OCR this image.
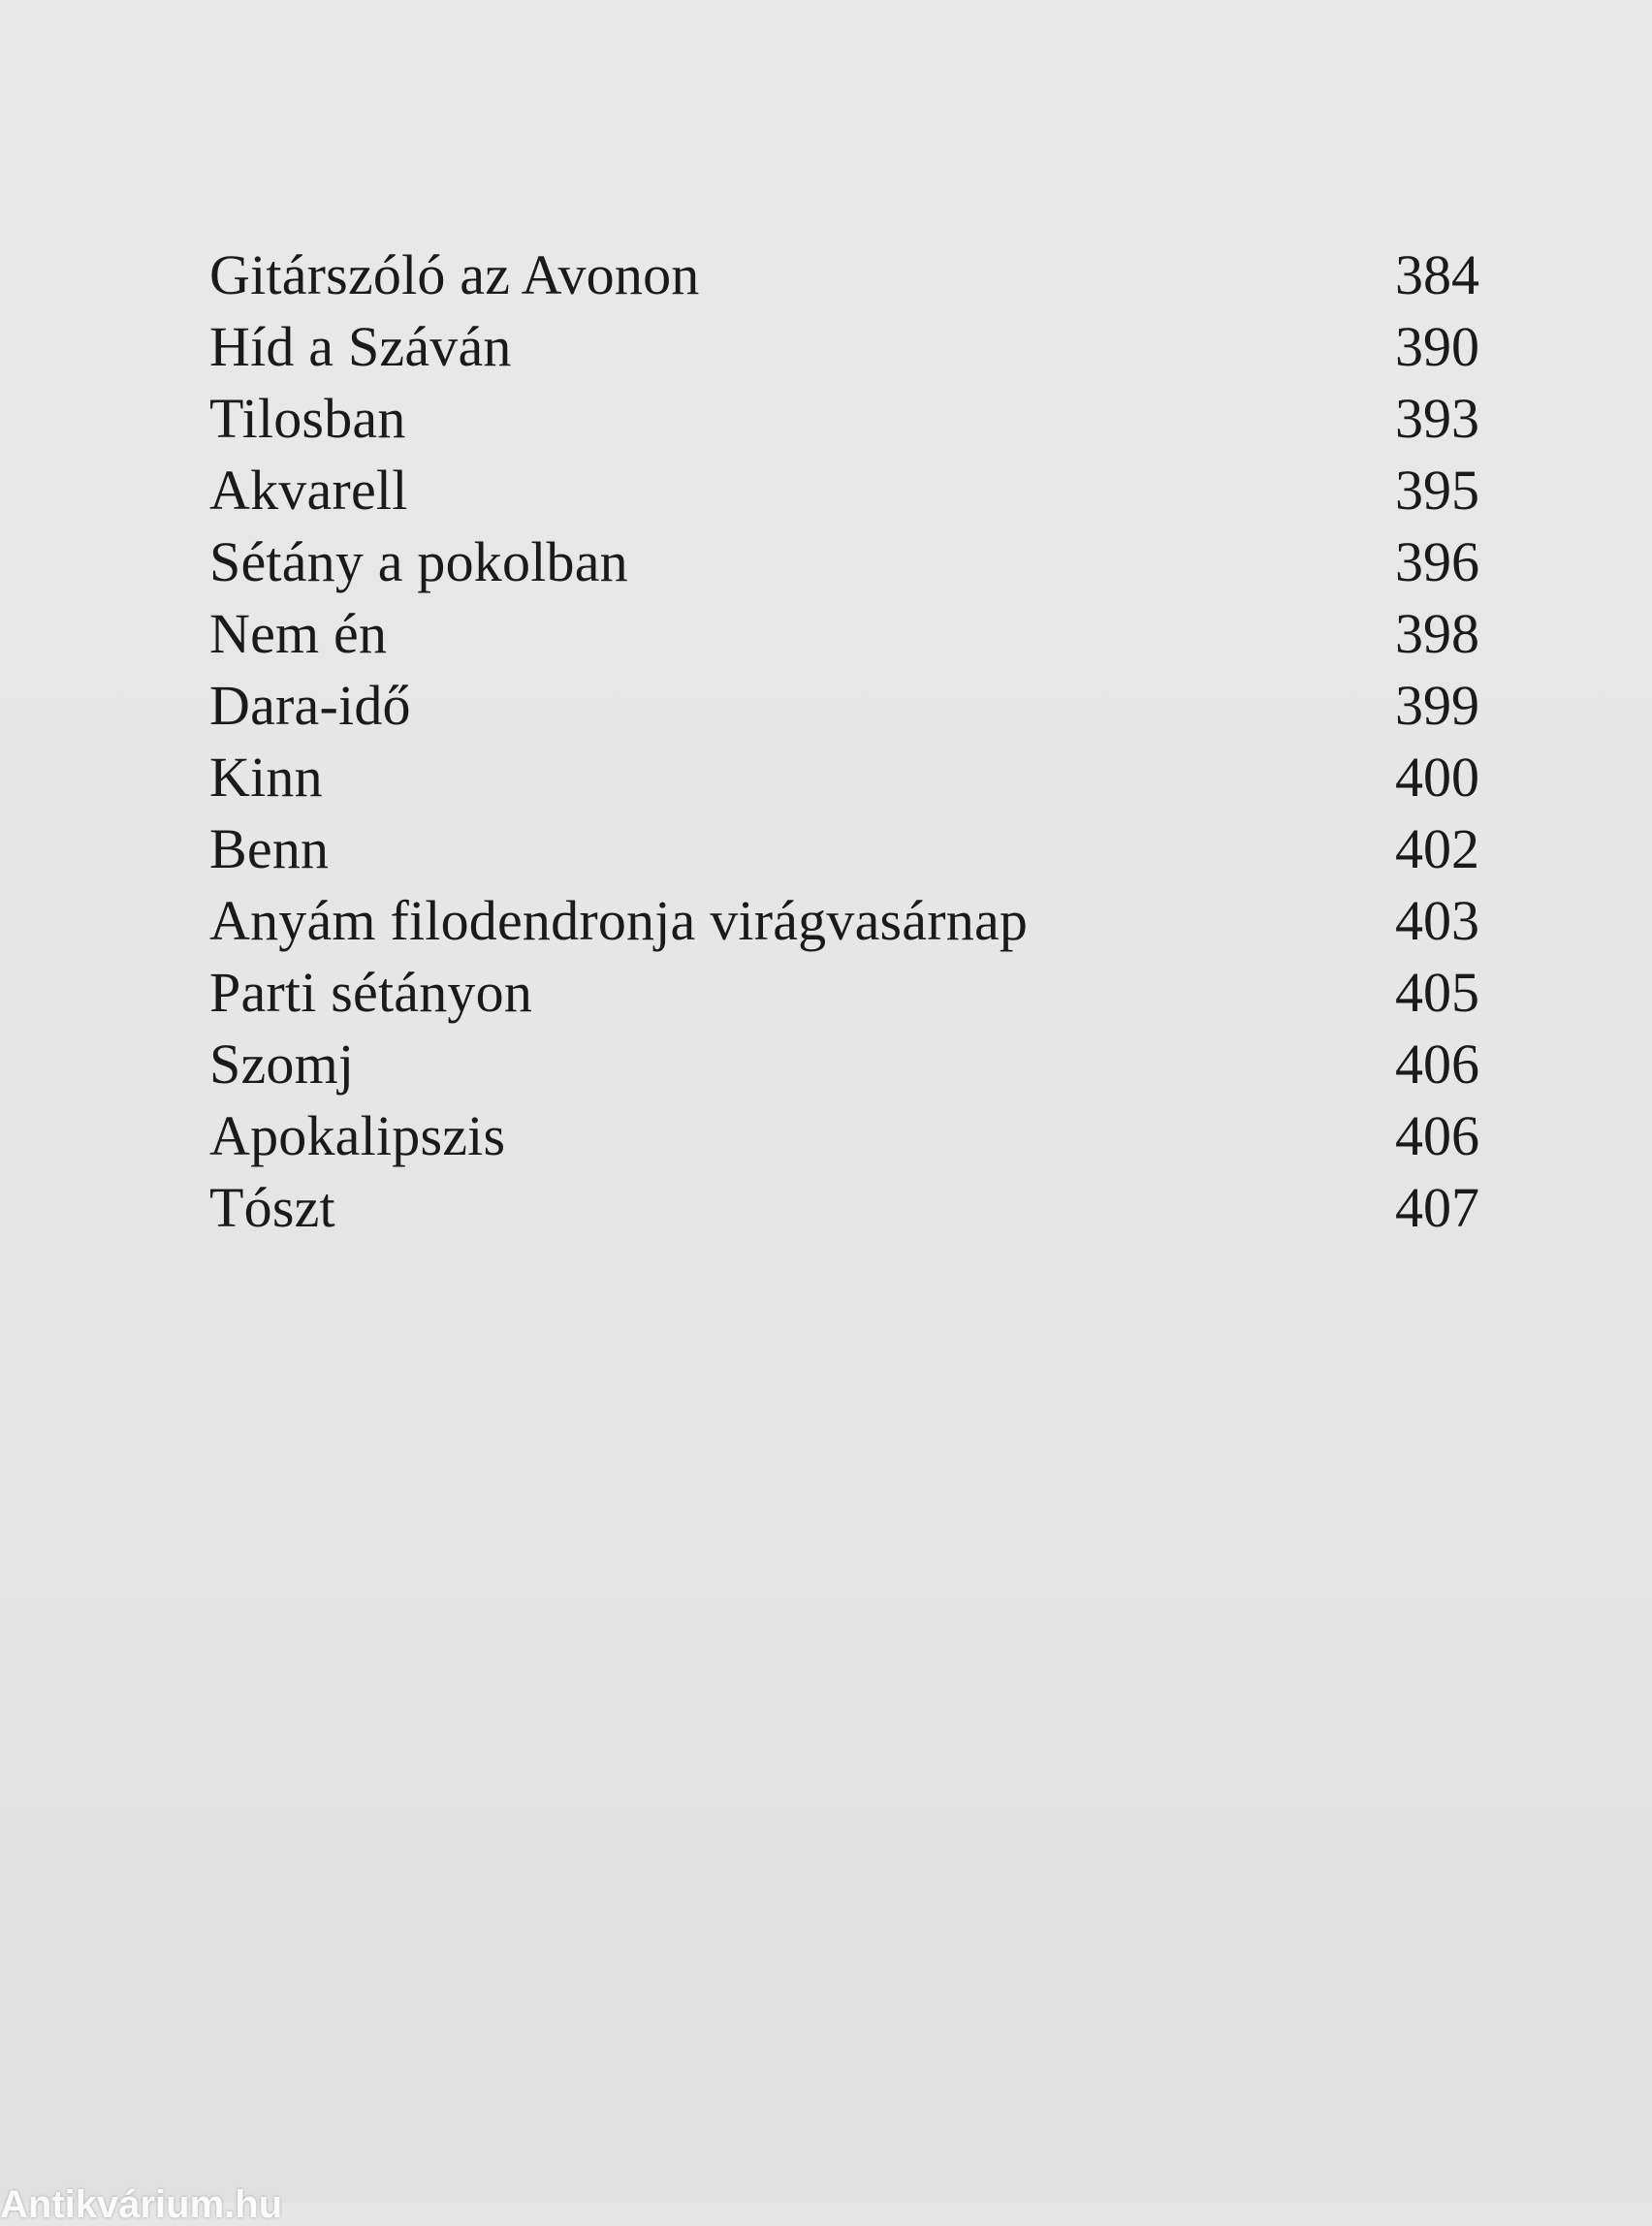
Gitárszóló az Avonon	384
Híd a Száván	390
Tilosban	393
Akvarell	395
Sétány a pokolban	396
Nem én	398
Dara-idő	399
Kinn	400
Benn	402
Anyám filodendronja virágvasárnap	403
Parti sétányon	405
Szomj	406
Apokalipszis	406
Tószt	407
Antikvárium.hu
